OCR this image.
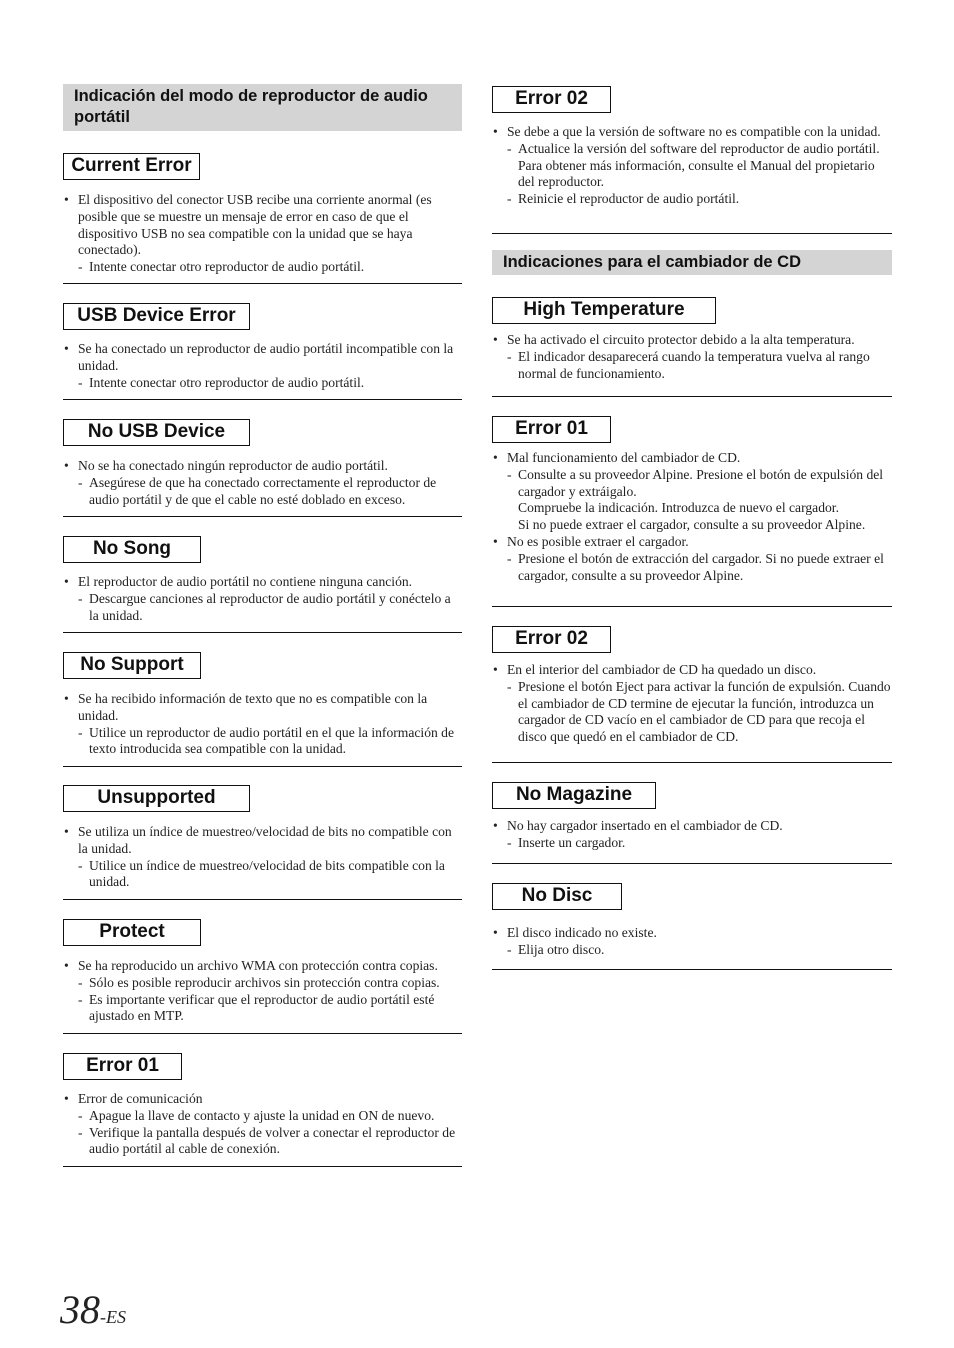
Indicación del modo de reproductor de audio portátil
Current Error
• El dispositivo del conector USB recibe una corriente anormal (es posible que se muestre un mensaje de error en caso de que el dispositivo USB no sea compatible con la unidad que se haya conectado).
- Intente conectar otro reproductor de audio portátil.
USB Device Error
• Se ha conectado un reproductor de audio portátil incompatible con la unidad.
- Intente conectar otro reproductor de audio portátil.
No USB Device
• No se ha conectado ningún reproductor de audio portátil.
- Asegúrese de que ha conectado correctamente el reproductor de audio portátil y de que el cable no esté doblado en exceso.
No Song
• El reproductor de audio portátil no contiene ninguna canción.
- Descargue canciones al reproductor de audio portátil y conéctelo a la unidad.
No Support
• Se ha recibido información de texto que no es compatible con la unidad.
- Utilice un reproductor de audio portátil en el que la información de texto introducida sea compatible con la unidad.
Unsupported
• Se utiliza un índice de muestreo/velocidad de bits no compatible con la unidad.
- Utilice un índice de muestreo/velocidad de bits compatible con la unidad.
Protect
• Se ha reproducido un archivo WMA con protección contra copias.
- Sólo es posible reproducir archivos sin protección contra copias.
- Es importante verificar que el reproductor de audio portátil esté ajustado en MTP.
Error 01
• Error de comunicación
- Apague la llave de contacto y ajuste la unidad en ON de nuevo.
- Verifique la pantalla después de volver a conectar el reproductor de audio portátil al cable de conexión.
Error 02
• Se debe a que la versión de software no es compatible con la unidad.
- Actualice la versión del software del reproductor de audio portátil. Para obtener más información, consulte el Manual del propietario del reproductor.
- Reinicie el reproductor de audio portátil.
Indicaciones para el cambiador de CD
High Temperature
• Se ha activado el circuito protector debido a la alta temperatura.
- El indicador desaparecerá cuando la temperatura vuelva al rango normal de funcionamiento.
Error 01
• Mal funcionamiento del cambiador de CD.
- Consulte a su proveedor Alpine. Presione el botón de expulsión del cargador y extráigalo.
Compruebe la indicación. Introduzca de nuevo el cargador.
Si no puede extraer el cargador, consulte a su proveedor Alpine.
• No es posible extraer el cargador.
- Presione el botón de extracción del cargador. Si no puede extraer el cargador, consulte a su proveedor Alpine.
Error 02
• En el interior del cambiador de CD ha quedado un disco.
- Presione el botón Eject para activar la función de expulsión. Cuando el cambiador de CD termine de ejecutar la función, introduzca un cargador de CD vacío en el cambiador de CD para que recoja el disco que quedó en el cambiador de CD.
No Magazine
• No hay cargador insertado en el cambiador de CD.
- Inserte un cargador.
No Disc
• El disco indicado no existe.
- Elija otro disco.
38-ES
